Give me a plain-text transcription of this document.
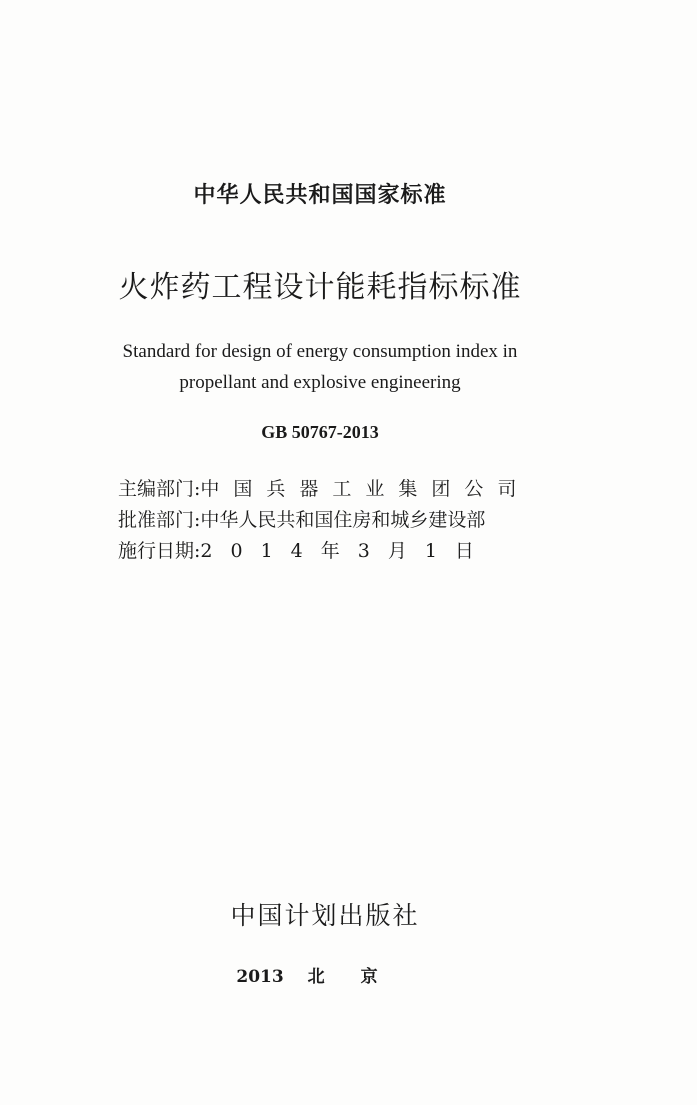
中华人民共和国国家标准
火炸药工程设计能耗指标标准
Standard for design of energy consumption index in
propellant and explosive engineering
GB 50767-2013
主编部门: 中国兵器工业集团公司
批准部门: 中华人民共和国住房和城乡建设部
施行日期: 2014年3月1日
中国计划出版社
2013 北京
